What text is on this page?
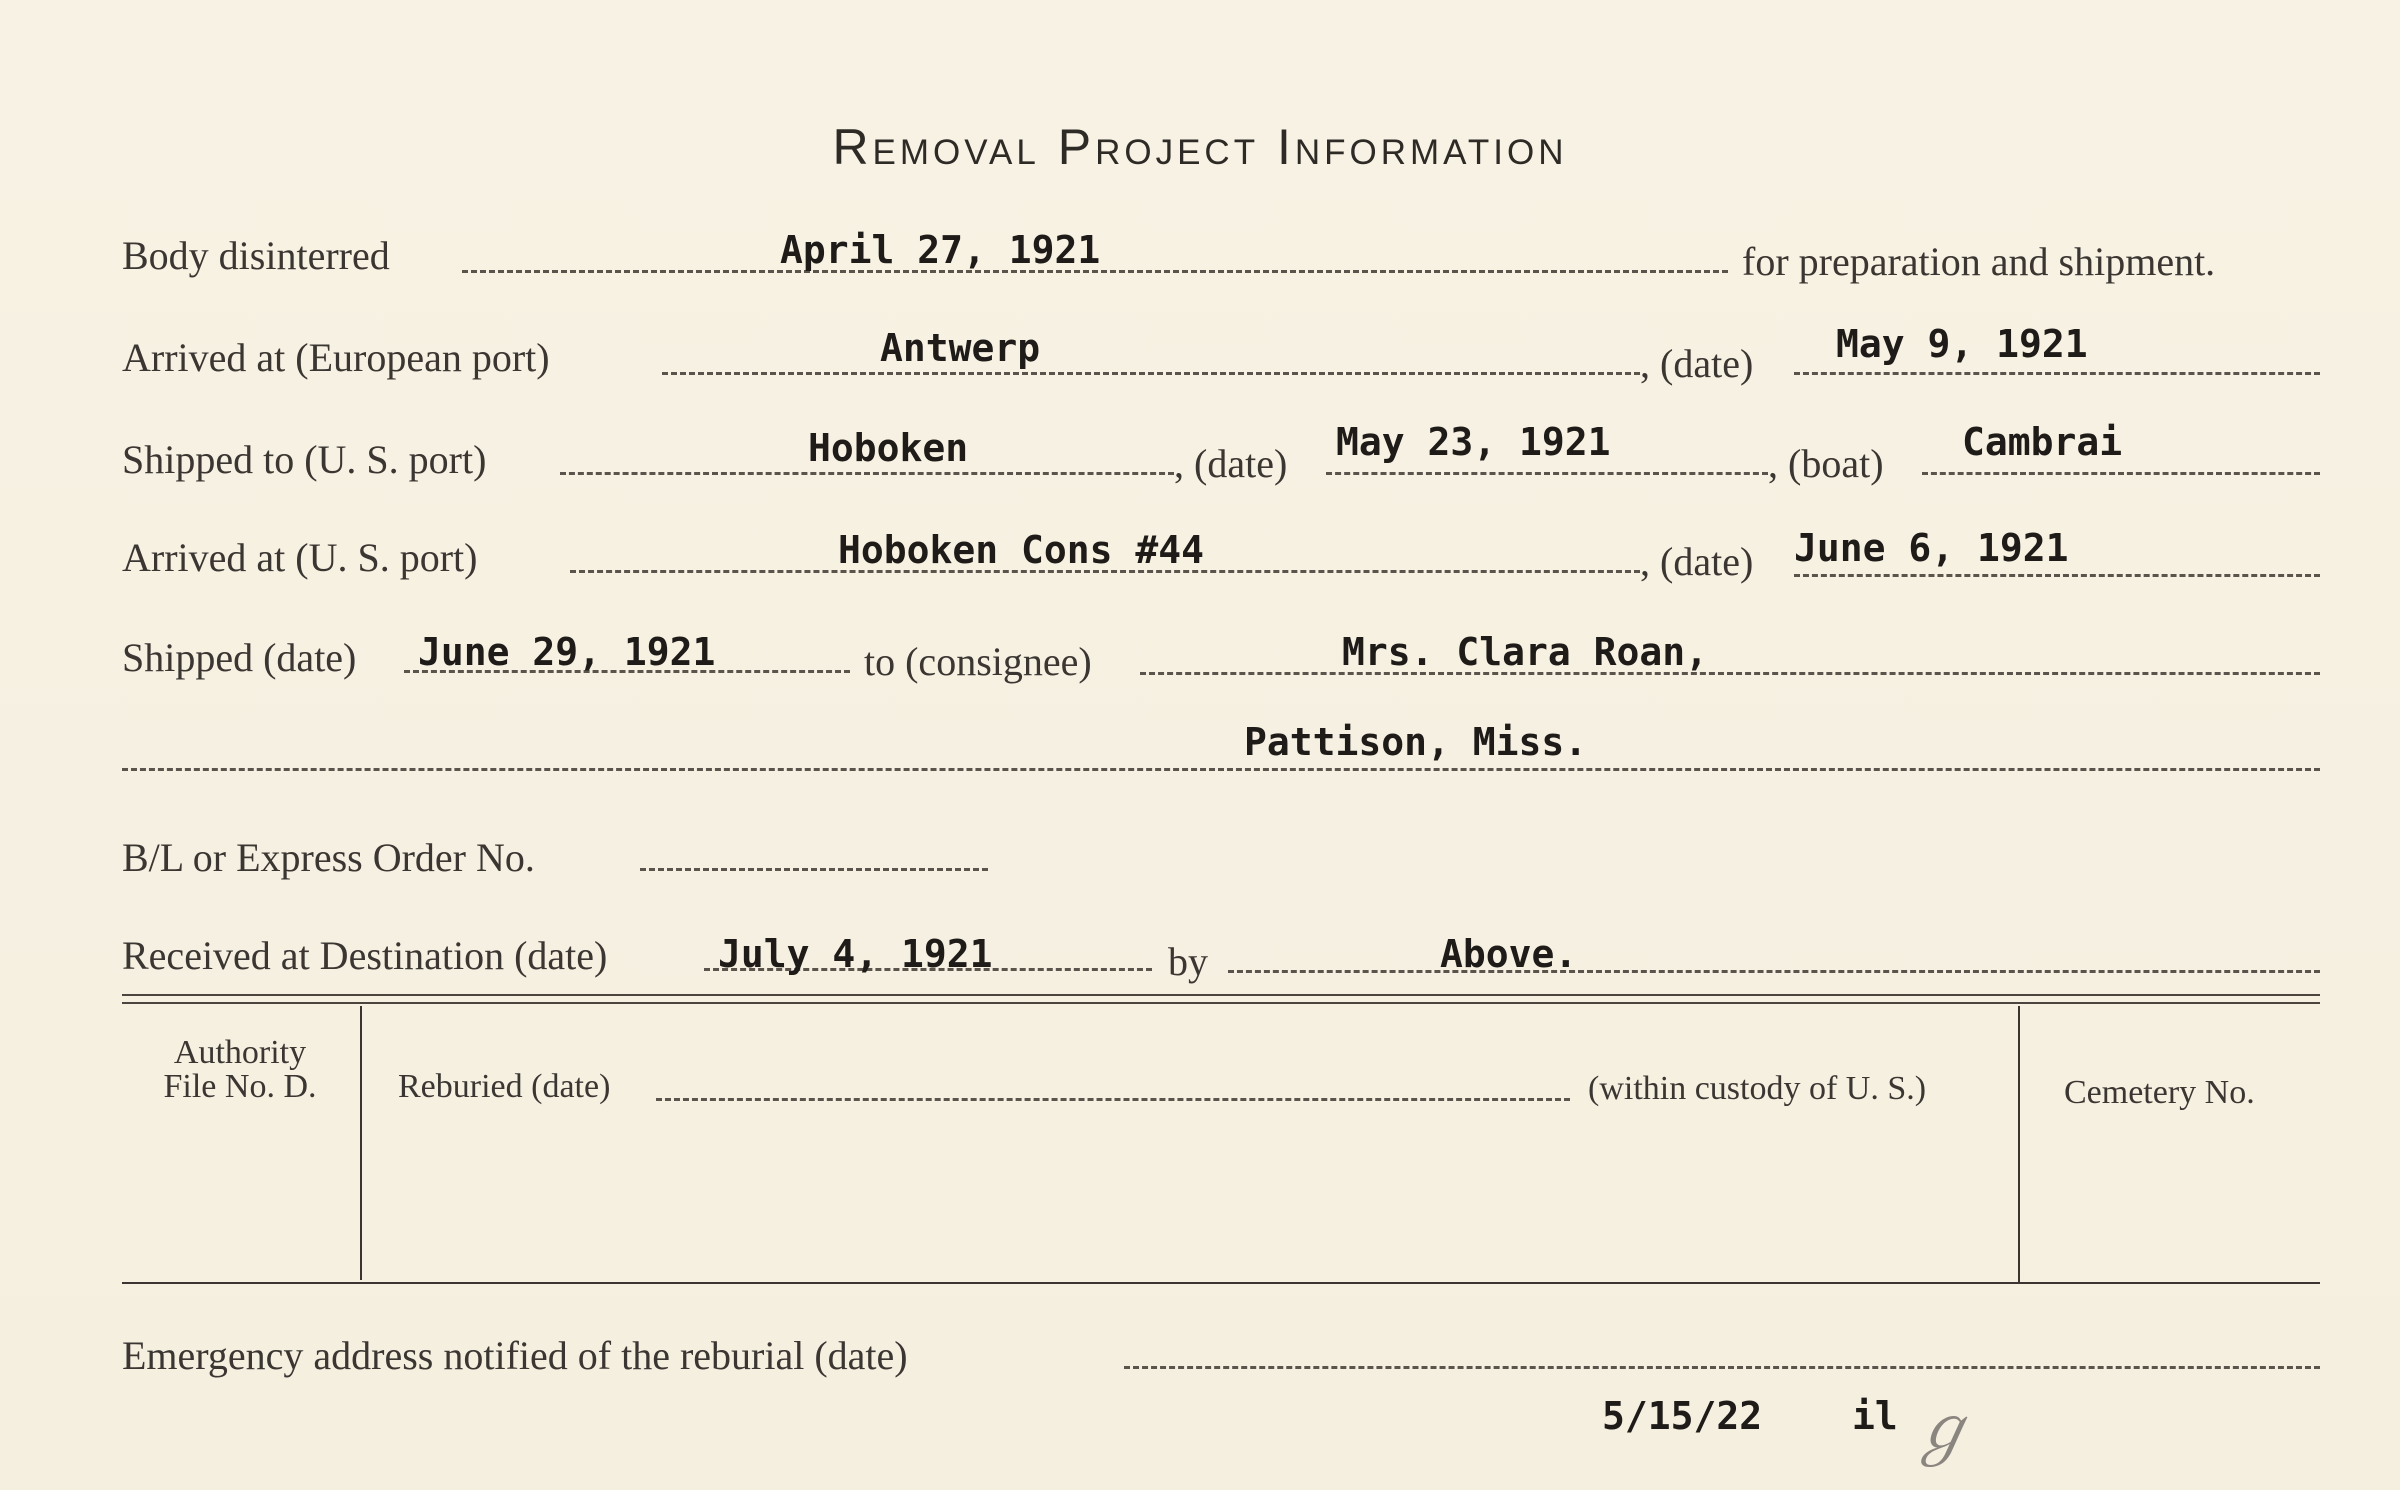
Removal Project Information
Body disinterred	April 27, 1921	for preparation and shipment.
Arrived at (European port)	Antwerp	, (date) May 9, 1921
Shipped to (U. S. port)	Hoboken	, (date) May 23, 1921	, (boat) Cambrai
Arrived at (U. S. port)	Hoboken Cons #44	, (date) June 6, 1921
Shipped (date) June 29, 1921	to (consignee)	Mrs. Clara Roan,
Pattison, Miss.
B/L or Express Order No.
Received at Destination (date)	July 4, 1921	by	Above.
Authority
File No. D.	Reburied (date)	(within custody of U. S.)	Cemetery No.
Emergency address notified of the reburial (date)
5/15/22 il ℊ
